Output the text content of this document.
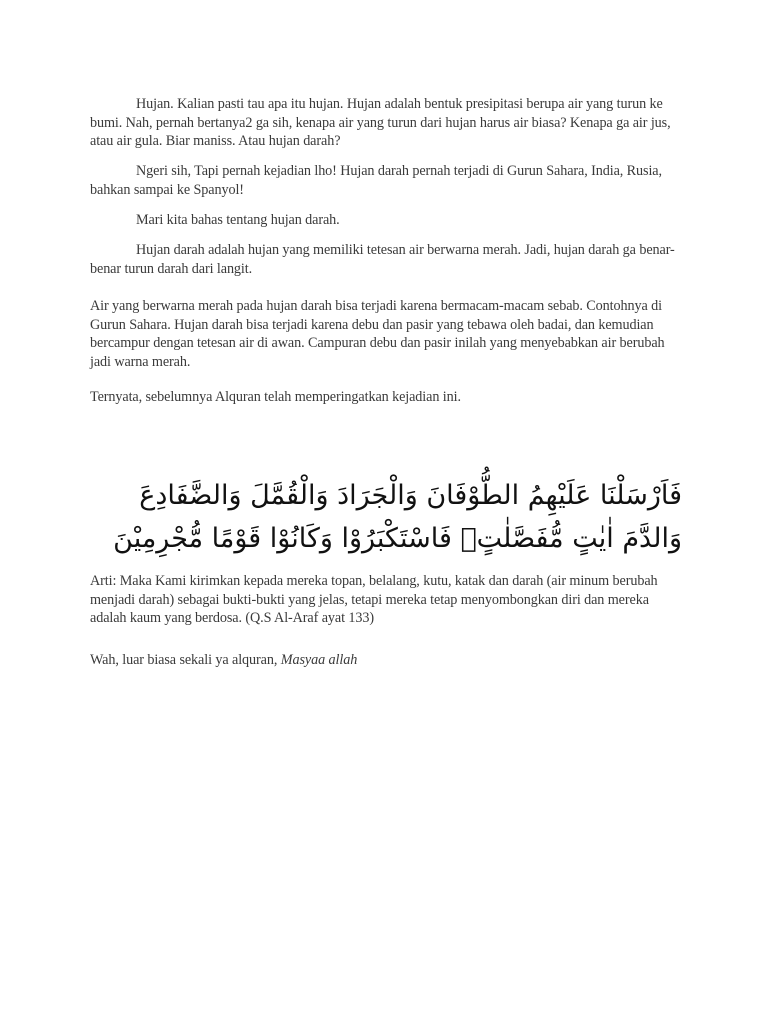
Hujan. Kalian pasti tau apa itu hujan. Hujan adalah bentuk presipitasi berupa air yang turun ke bumi. Nah, pernah bertanya2 ga sih, kenapa air yang turun dari hujan harus air biasa? Kenapa ga air jus, atau air gula. Biar maniss. Atau hujan darah?

Ngeri sih, Tapi pernah kejadian lho! Hujan darah pernah terjadi di Gurun Sahara, India, Rusia, bahkan sampai ke Spanyol!

Mari kita bahas tentang hujan darah.

Hujan darah adalah hujan yang memiliki tetesan air berwarna merah. Jadi, hujan darah ga benar-benar turun darah dari langit.

Air yang berwarna merah pada hujan darah bisa terjadi karena bermacam-macam sebab. Contohnya di Gurun Sahara. Hujan darah bisa terjadi karena debu dan pasir yang tebawa oleh badai, dan kemudian bercampur dengan tetesan air di awan. Campuran debu dan pasir inilah yang menyebabkan air berubah jadi warna merah.

Ternyata, sebelumnya Alquran telah memperingatkan kejadian ini.

فَاَرْسَلْنَا عَلَيْهِمُ الطُّوْفَانَ وَالْجَرَادَ وَالْقُمَّلَ وَالضَّفَادِعَ وَالدَّمَ اٰيٰتٍ مُّفَصَّلٰتٍۗ فَاسْتَكْبَرُوْا وَكَانُوْا قَوْمًا مُّجْرِمِيْنَ

Arti: Maka Kami kirimkan kepada mereka topan, belalang, kutu, katak dan darah (air minum berubah menjadi darah) sebagai bukti-bukti yang jelas, tetapi mereka tetap menyombongkan diri dan mereka adalah kaum yang berdosa. (Q.S Al-Araf ayat 133)

Wah, luar biasa sekali ya alquran, Masyaa allah
